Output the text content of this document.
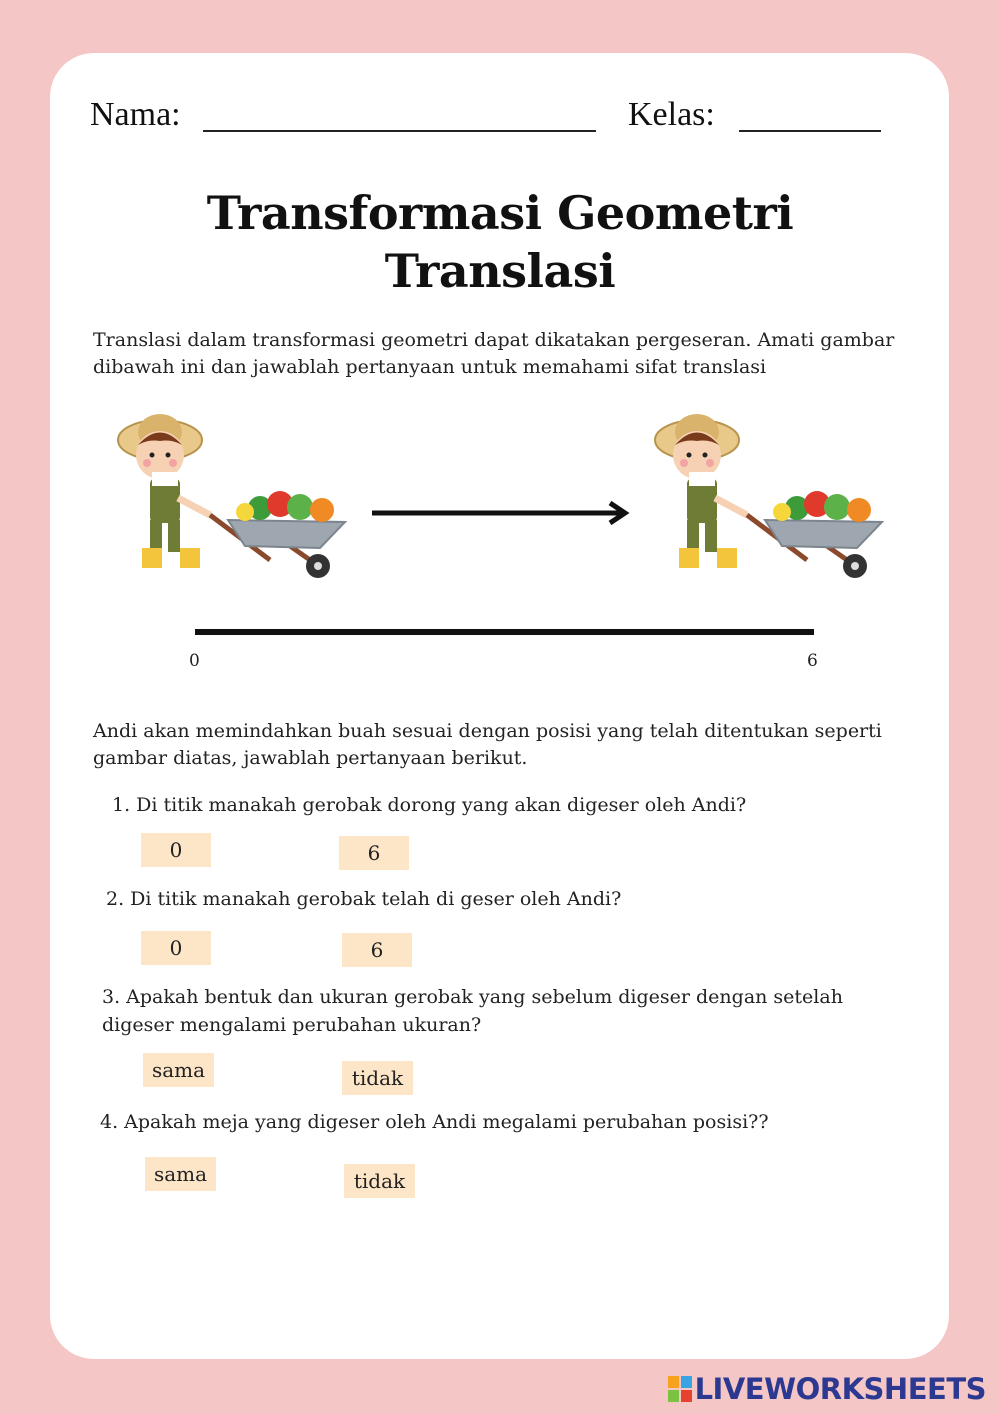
Nama:	Kelas:
Transformasi Geometri
Translasi
Translasi dalam transformasi geometri dapat dikatakan pergeseran. Amati gambar dibawah ini dan jawablah pertanyaan untuk memahami sifat translasi
0	6
Andi akan memindahkan buah sesuai dengan posisi yang telah ditentukan seperti gambar diatas, jawablah pertanyaan berikut.
1. Di titik manakah gerobak dorong yang akan digeser oleh Andi?
0	6
2. Di titik manakah gerobak telah di geser oleh Andi?
0	6
3. Apakah bentuk dan ukuran gerobak yang sebelum digeser dengan setelah digeser mengalami perubahan ukuran?
sama	tidak
4. Apakah meja yang digeser oleh Andi megalami perubahan posisi??
sama	tidak
LIVEWORKSHEETS
